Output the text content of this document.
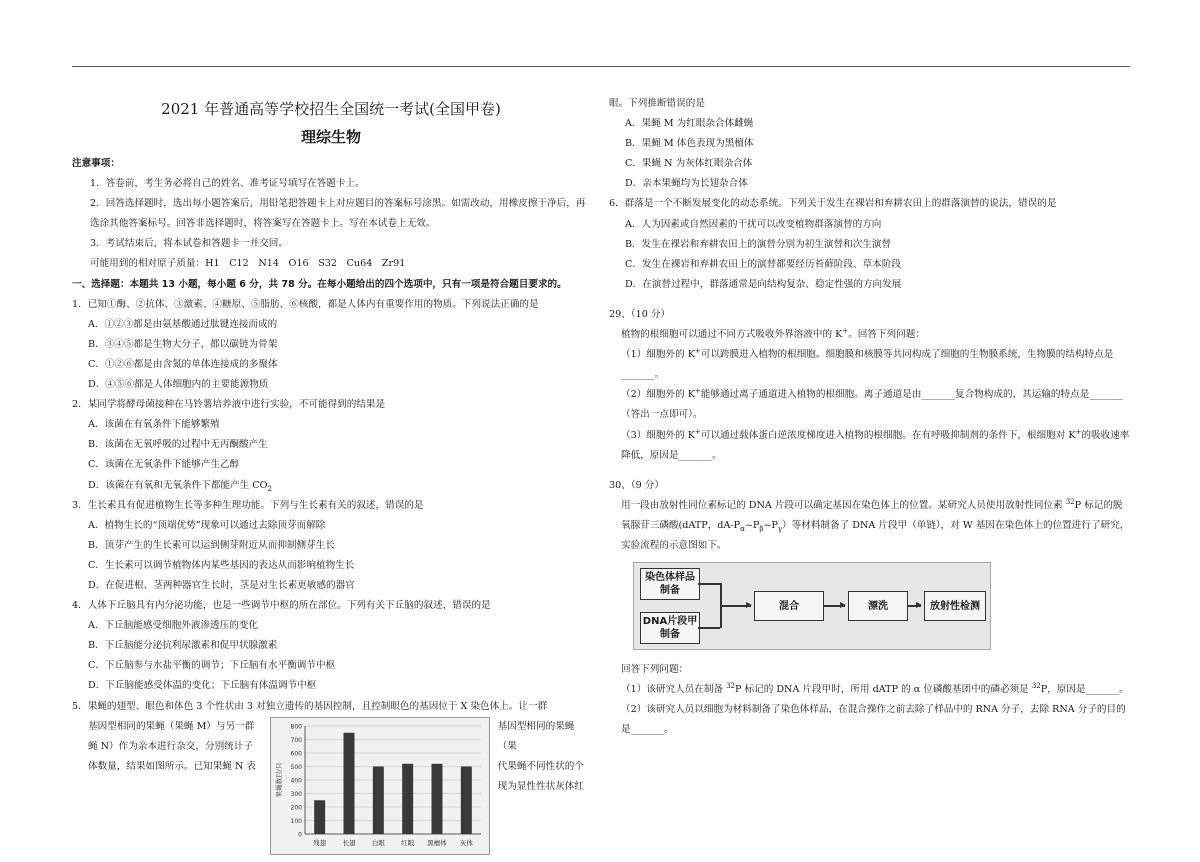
2021 年普通高等学校招生全国统一考试(全国甲卷)
理综生物
注意事项：
1．答卷前，考生务必将自己的姓名、准考证号填写在答题卡上。
2．回答选择题时，选出每小题答案后，用铅笔把答题卡上对应题目的答案标号涂黑。如需改动，用橡皮擦干净后，再选涂其他答案标号。回答非选择题时，将答案写在答题卡上。写在本试卷上无效。
3．考试结束后，将本试卷和答题卡一并交回。
可能用到的相对原子质量：H1　C12　N14　O16　S32　Cu64　Zr91
一、选择题：本题共 13 小题，每小题 6 分，共 78 分。在每小题给出的四个选项中，只有一项是符合题目要求的。
1．已知①酶、②抗体、③激素、④糖原、⑤脂肪、⑥核酸，都是人体内有重要作用的物质。下列说法正确的是
A．①②③都是由氨基酸通过肽键连接而成的
B．③④⑤都是生物大分子，都以碳链为骨架
C．①②⑥都是由含氮的单体连接成的多聚体
D．④⑤⑥都是人体细胞内的主要能源物质
2．某同学将酵母菌接种在马铃薯培养液中进行实验，不可能得到的结果是
A．该菌在有氧条件下能够繁殖
B．该菌在无氧呼吸的过程中无丙酮酸产生
C．该菌在无氧条件下能够产生乙醇
D．该菌在有氧和无氧条件下都能产生 $CO_2$
3．生长素具有促进植物生长等多种生理功能。下列与生长素有关的叙述，错误的是
A．植物生长的“顶端优势”现象可以通过去除顶芽而解除
B．顶芽产生的生长素可以运到侧芽附近从而抑制侧芽生长
C．生长素可以调节植物体内某些基因的表达从而影响植物生长
D．在促进根、茎两种器官生长时，茎是对生长素更敏感的器官
4．人体下丘脑具有内分泌功能，也是一些调节中枢的所在部位。下列有关下丘脑的叙述，错误的是
A．下丘脑能感受细胞外液渗透压的变化
B．下丘脑能分泌抗利尿激素和促甲状腺激素
C．下丘脑参与水盐平衡的调节；下丘脑有水平衡调节中枢
D．下丘脑能感受体温的变化；下丘脑有体温调节中枢
5．果蝇的翅型、眼色和体色 3 个性状由 3 对独立遗传的基因控制，且控制眼色的基因位于 X 染色体上。让一群
基因型相同的果蝇（果蝇 M）与另一群
蝇 N）作为亲本进行杂交，分别统计子
体数量，结果如图所示。已知果蝇 N 表
0
100
200
300
400
500
600
700
800
果蝇数目/只
残翅	长翅	白眼	红眼 黑檀体 灰体
基因型相同的果蝇（果
代果蝇不同性状的个
现为显性性状灰体红
眼。下列推断错误的是
A．果蝇 M 为红眼杂合体雌蝇
B．果蝇 M 体色表现为黑檀体
C．果蝇 N 为灰体红眼杂合体
D．亲本果蝇均为长翅杂合体
6．群落是一个不断发展变化的动态系统。下列关于发生在裸岩和弃耕农田上的群落演替的说法，错误的是
A．人为因素或自然因素的干扰可以改变植物群落演替的方向
B．发生在裸岩和弃耕农田上的演替分别为初生演替和次生演替
C．发生在裸岩和弃耕农田上的演替都要经历苔藓阶段、草本阶段
D．在演替过程中，群落通常是向结构复杂、稳定性强的方向发展
29、（10 分）
植物的根细胞可以通过不同方式吸收外界溶液中的 K+。回答下列问题：
（1）细胞外的 K+可以跨膜进入植物的根细胞。细胞膜和核膜等共同构成了细胞的生物膜系统，生物膜的结构特点是_______。
（2）细胞外的 K+能够通过离子通道进入植物的根细胞。离子通道是由_______复合物构成的，其运输的特点是_______（答出一点即可）。
（3）细胞外的 K+可以通过载体蛋白逆浓度梯度进入植物的根细胞。在有呼吸抑制剂的条件下，根细胞对 K+的吸收速率降低，原因是_______。
30、（9 分）
用一段由放射性同位素标记的 DNA 片段可以确定基因在染色体上的位置。某研究人员使用放射性同位素 $^{32}$P 标记的脱氧腺苷三磷酸(dATP，$dA-P_\alpha\sim P_\beta\sim P_\gamma$）等材料制备了 DNA 片段甲（单链），对 W 基因在染色体上的位置进行了研究，实验流程的示意图如下。
染色体样品制备
DNA片段甲制备
混合	漂洗	放射性检测
回答下列问题：
（1）该研究人员在制备 $^{32}$P 标记的 DNA 片段甲时，所用 dATP 的 α 位磷酸基团中的磷必须是 $^{32}$P，原因是_______。
（2）该研究人员以细胞为材料制备了染色体样品，在混合操作之前去除了样品中的 RNA 分子，去除 RNA 分子的目的是_______。
